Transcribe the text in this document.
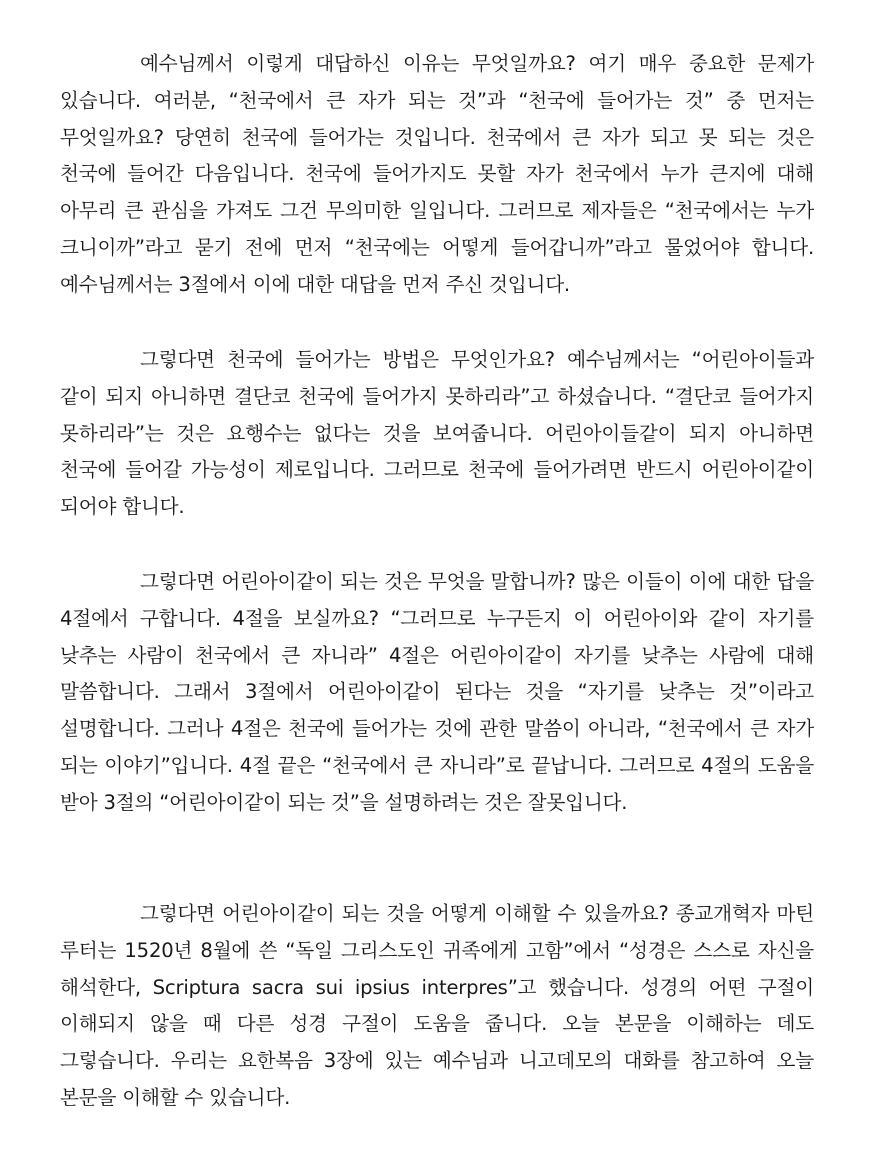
예수님께서 이렇게 대답하신 이유는 무엇일까요? 여기 매우 중요한 문제가 있습니다. 여러분, “천국에서 큰 자가 되는 것”과 “천국에 들어가는 것” 중 먼저는 무엇일까요? 당연히 천국에 들어가는 것입니다. 천국에서 큰 자가 되고 못 되는 것은 천국에 들어간 다음입니다. 천국에 들어가지도 못할 자가 천국에서 누가 큰지에 대해 아무리 큰 관심을 가져도 그건 무의미한 일입니다. 그러므로 제자들은 “천국에서는 누가 크니이까”라고 묻기 전에 먼저 “천국에는 어떻게 들어갑니까”라고 물었어야 합니다. 예수님께서는 3절에서 이에 대한 대답을 먼저 주신 것입니다.

그렇다면 천국에 들어가는 방법은 무엇인가요? 예수님께서는 “어린아이들과 같이 되지 아니하면 결단코 천국에 들어가지 못하리라”고 하셨습니다. “결단코 들어가지 못하리라”는 것은 요행수는 없다는 것을 보여줍니다. 어린아이들같이 되지 아니하면 천국에 들어갈 가능성이 제로입니다. 그러므로 천국에 들어가려면 반드시 어린아이같이 되어야 합니다.

그렇다면 어린아이같이 되는 것은 무엇을 말합니까? 많은 이들이 이에 대한 답을 4절에서 구합니다. 4절을 보실까요? “그러므로 누구든지 이 어린아이와 같이 자기를 낮추는 사람이 천국에서 큰 자니라” 4절은 어린아이같이 자기를 낮추는 사람에 대해 말씀합니다. 그래서 3절에서 어린아이같이 된다는 것을 “자기를 낮추는 것”이라고 설명합니다. 그러나 4절은 천국에 들어가는 것에 관한 말씀이 아니라, “천국에서 큰 자가 되는 이야기”입니다. 4절 끝은 “천국에서 큰 자니라”로 끝납니다. 그러므로 4절의 도움을 받아 3절의 “어린아이같이 되는 것”을 설명하려는 것은 잘못입니다.

그렇다면 어린아이같이 되는 것을 어떻게 이해할 수 있을까요? 종교개혁자 마틴 루터는 1520년 8월에 쓴 “독일 그리스도인 귀족에게 고함”에서 “성경은 스스로 자신을 해석한다, Scriptura sacra sui ipsius interpres”고 했습니다. 성경의 어떤 구절이 이해되지 않을 때 다른 성경 구절이 도움을 줍니다. 오늘 본문을 이해하는 데도 그렇습니다. 우리는 요한복음 3장에 있는 예수님과 니고데모의 대화를 참고하여 오늘 본문을 이해할 수 있습니다.
